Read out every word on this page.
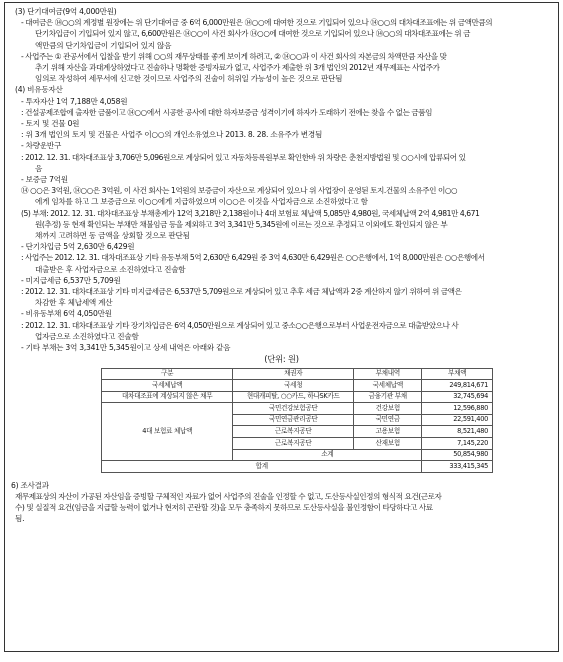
(3) 단기대여금(9억 4,000만원)
- 대여금은 ⑭○○의 계정별 원장에는 위 단기대여금 중 6억 6,000만원은 ⑭○○에 대여한 것으로 기입되어 있으나 ⑭○○의 대차대조표에는 위 금액만큼의
단기차입금이 기입되어 있지 않고, 6,600만원은 ⑭○○이 사건 회사가 ⑭○○에 대여한 것으로 기입되어 있으나 ⑭○○의 대차대조표에는 위 금
액만큼의 단기차입금이 기입되어 있지 않음
- 사업주는 ① 관공서에서 입찰을 받기 위해 ○○의 재무상태를 좋게 보이게 하려고, ② ⑭○○과 이 사건 회사의 자본금의 차액만큼 자산을 맞
추기 위해 자산을 과대계상하였다고 진술하나 명확한 증빙자료가 없고, 사업주가 제출한 위 3개 법인의 2012년 재무제표는 사업주가
임의로 작성하여 세무서에 신고한 것이므로 사업주의 진술이 허위일 가능성이 높은 것으로 판단됨
(4) 비유동자산
- 투자자산 1억 7,188만 4,058원
: 건설공제조합에 출자한 금품이고 ⑭○○에서 시공한 공사에 대한 하자보증금 성격이기에 하자가 도래하기 전에는 찾을 수 없는 금품임
- 토지 및 건물 0원
: 위 3개 법인의 토지 및 건물은 사업주 이○○의 개인소유였으나 2013. 8. 28. 소유주가 변경됨
- 차량운반구
: 2012. 12. 31. 대차대조표상 3,706만 5,096원으로 계상되어 있고 자동차등록원부로 확인한바 위 차량은 춘천지방법원 및 ○○시에 압류되어 있
음
- 보증금 7억원
⑭ ○○은 3억원, ⑭○○은 3억원, 이 사건 회사는 1억원의 보증금이 자산으로 계상되어 있으나 위 사업장이 운영된 토지.건물의 소유주인 이○○
에게 임차를 하고 그 보증금으로 이○○에게 지급하였으며 이○○은 이것을 사업자금으로 소진하였다고 함
(5) 부채: 2012. 12. 31. 대차대조표상 부채총계가 12억 3,218만 2,138원이나 4대 보험료 체납액 5,085만 4,980원, 국세체납액 2억 4,981만 4,671
원(추정) 등 현재 확인되는 부채만 채불임금 등을 제외하고 3억 3,341만 5,345원에 이르는 것으로 추정되고 이외에도 확인되지 않은 부
채까지 고려하면 동 금액을 상회할 것으로 판단됨
- 단기차입금 5억 2,630만 6,429원
: 사업주는 2012. 12. 31. 대차대조표상 기타 유동부채 5억 2,630만 6,429원 중 3억 4,630만 6,429원은 ○○은행에서, 1억 8,000만원은 ○○은행에서
대출받은 후 사업자금으로 소진하였다고 진술함
- 미지급세금 6,537만 5,709원
: 2012. 12. 31. 대차대조표상 기타 미지급세금은 6,537만 5,709원으로 계상되어 있고 추후 세금 체납액과 2중 계산하지 않기 위하여 위 금액은
차감한 후 체납세액 계산
- 비유동부채 6억 4,050만원
: 2012. 12. 31. 대차대조표상 기타 장기차입금은 6억 4,050만원으로 계상되어 있고 중소○○은행으로부터 사업운전자금으로 대출받았으나 사
업자금으로 소진하였다고 진술함
- 기타 부채는 3억 3,341만 5,345원이고 상세 내역은 아래와 같음
(단위: 원)
구분	채권자	부채내역	부채액
국세체납액	국세청	국세체납액	249,814,671
대차대조표에 계상되지 않은 채무	현대캐피탈, ○○카드, 하나SK카드	금융기관 부채	32,745,694
4대 보험료 체납액	국민건강보험공단	건강보험	12,596,880
	국민연금관리공단	국민연금	22,591,400
	근로복지공단	고용보험	8,521,480
	근로복지공단	산재보험	7,145,220
	소계		50,854,980
합계			333,415,345
6) 조사결과
재무제표상의 자산이 가공된 자산임을 증빙할 구체적인 자료가 없어 사업주의 진술을 인정할 수 없고, 도산등사실인정의 형식적 요건(근로자
수) 및 실질적 요건(임금을 지급할 능력이 없거나 현저히 곤란할 것)을 모두 충족하지 못하므로 도산등사실을 불인정함이 타당하다고 사료
됨.
